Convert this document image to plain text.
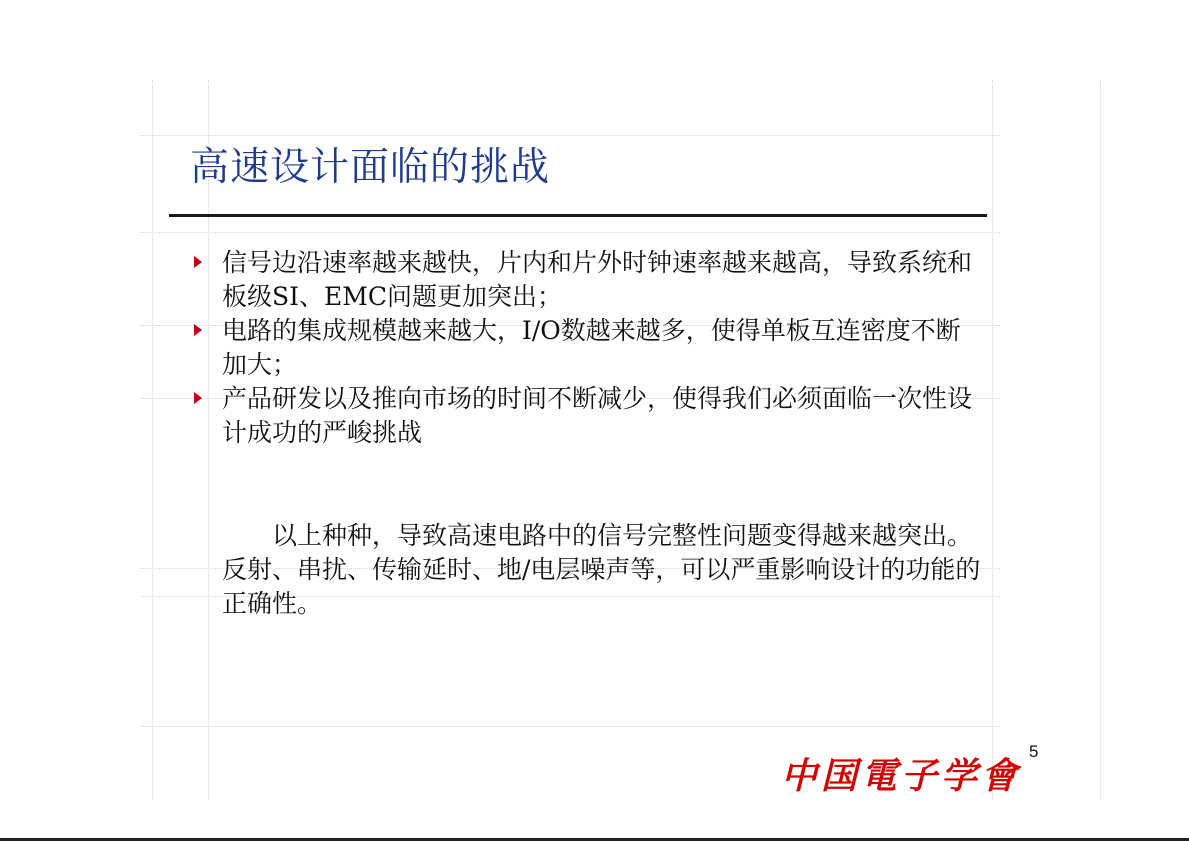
高速设计面临的挑战
信号边沿速率越来越快，片内和片外时钟速率越来越高，导致系统和板级SI、EMC问题更加突出；
电路的集成规模越来越大，I/O数越来越多，使得单板互连密度不断加大；
产品研发以及推向市场的时间不断减少，使得我们必须面临一次性设计成功的严峻挑战

以上种种，导致高速电路中的信号完整性问题变得越来越突出。反射、串扰、传输延时、地/电层噪声等，可以严重影响设计的功能的正确性。

5
中国電子学會
